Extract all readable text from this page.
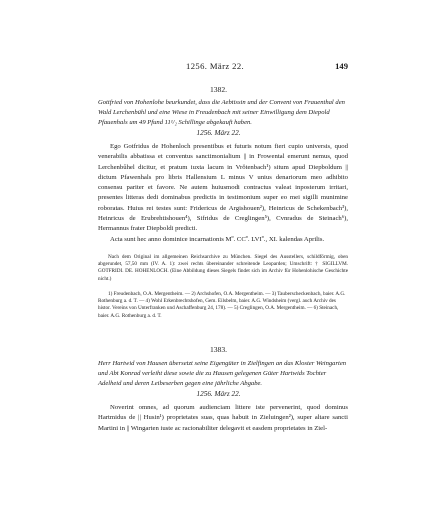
1256. März 22.	149
1382.

Gottfried von Hohenlohe beurkundet, dass die Aebtissin und der Convent von Frauenthal den Wald Lerchenbühl und eine Wiese in Freudenbach mit seiner Einwilligung dem Diepold Pfauenhals um 49 Pfund 11¹/₂ Schillinge abgekauft haben.

1256. März 22.

Ego Gotfridus de Hohenloch presentibus et futuris notum fieri cupio universis, quod venerabilis abbatissa et conventus sanctimonialium || in Frowental emerunt nemus, quod Lerchenbůhel dicitur, et pratum iuxta lacum in Vrǒtenbach¹) situm apud Diepboldum || dictum Pfawenhals pro libris Hallensium L minus V unius denariorum meo adhibito consensu pariter et favore. Ne autem huiusmodi contractus valeat inposterum irritari, presentes litteras dedi dominabus predictis in testimonium super eo mei sigilli munimine roboratas. Huius rei testes sunt: Fridericus de Argishouen²), Heinricus de Schekenbach³), Heinricus de Erubrehtishouen⁴), Sifridus de Creglingen⁵), Cvnradus de Steinach⁶), Hermannus frater Diepboldi predicti.

Acta sunt hec anno dominice incarnationis Mº. CCº. LVIº., XI. kalendas Aprilis.

Nach dem Original im allgemeinen Reichsarchive zu München. Siegel des Ausstellers, schildförmig, oben abgerundet, 57,50 mm (IV. A. 1): zwei rechts übereinander schreitende Leoparden; Umschrift: † SIGILLVM. GOTFRIDI. DE. HOHENLOCH. (Eine Abbildung dieses Siegels findet sich im Archiv für Hohenlohische Geschichte nicht.)

1) Freudenbach, O.A. Mergentheim. — 2) Archshofen, O.A. Mergentheim. — 3) Tauberscheckenbach, baier. A.G. Rothenburg a. d. T. — 4) Wohl Erkenbrechtshofen, Gem. Eilsbelm, baier. A.G. Windsheim (vergl. auch Archiv des histor. Vereins von Unterfranken und Aschaffenburg 24, 178). — 5) Creglingen, O.A. Mergentheim. — 6) Steinach, baier. A.G. Rothenburg a. d. T.
1383.

Herr Hartwid von Hausen übersetzt seine Eigengüter in Zielfingen an das Kloster Weingarten und Abt Konrad verleiht diese sowie die zu Hausen gelegenen Güter Hartwids Tochter Adelheid und deren Leibeserben gegen eine jährliche Abgabe.

1256. März 22.

Noverint omnes, ad quorum audienciam littere iste pervenerint, quod dominus Hartmidus de || Husin¹) proprietates suas, quas habuit in Zieluingen²), super altare sancti Martini in || Wingarten iuste ac racionabiliter delegavit et easdem proprietates in Ziel-
